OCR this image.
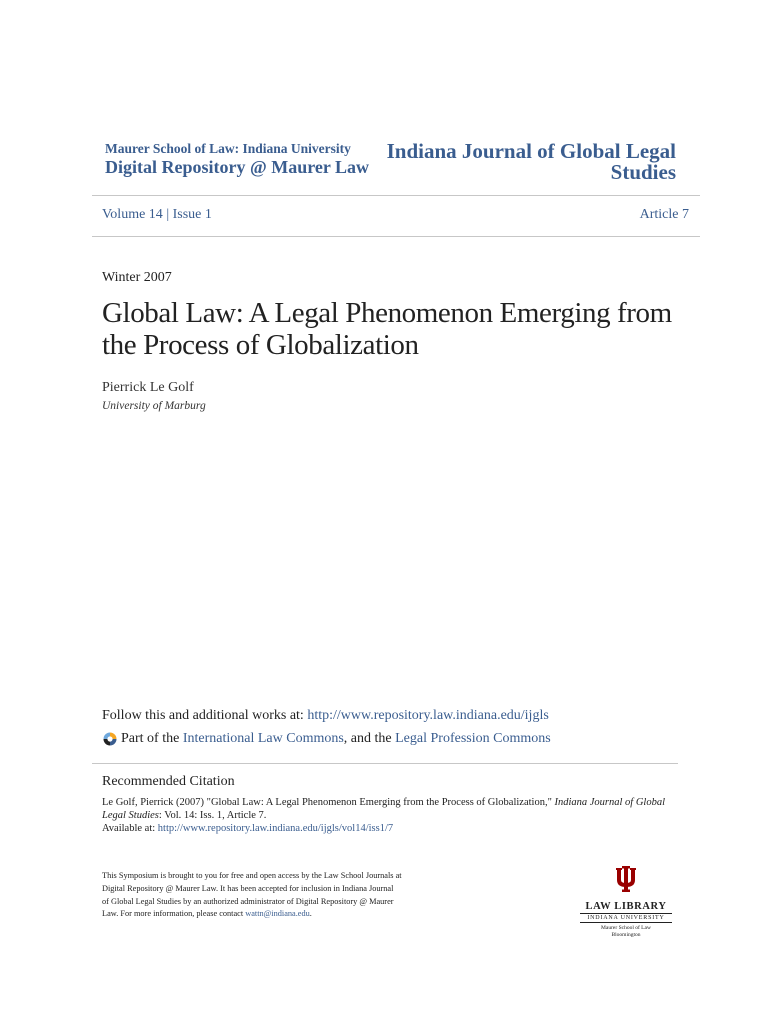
Maurer School of Law: Indiana University
Digital Repository @ Maurer Law
Indiana Journal of Global Legal
Studies
Volume 14 | Issue 1	Article 7
Winter 2007
Global Law: A Legal Phenomenon Emerging from the Process of Globalization
Pierrick Le Golf
University of Marburg
Follow this and additional works at: http://www.repository.law.indiana.edu/ijgls
Part of the
International Law Commons , and the
Legal Profession Commons
Recommended Citation
Le Golf, Pierrick (2007) "Global Law: A Legal Phenomenon Emerging from the Process of Globalization," Indiana Journal of Global Legal Studies: Vol. 14: Iss. 1, Article 7.
Available at: http://www.repository.law.indiana.edu/ijgls/vol14/iss1/7
This Symposium is brought to you for free and open access by the Law School Journals at Digital Repository @ Maurer Law. It has been accepted for inclusion in Indiana Journal of Global Legal Studies by an authorized administrator of Digital Repository @ Maurer Law. For more information, please contact wattn@indiana.edu.
LAW LIBRARY
INDIANA UNIVERSITY
Maurer School of Law
Bloomington
